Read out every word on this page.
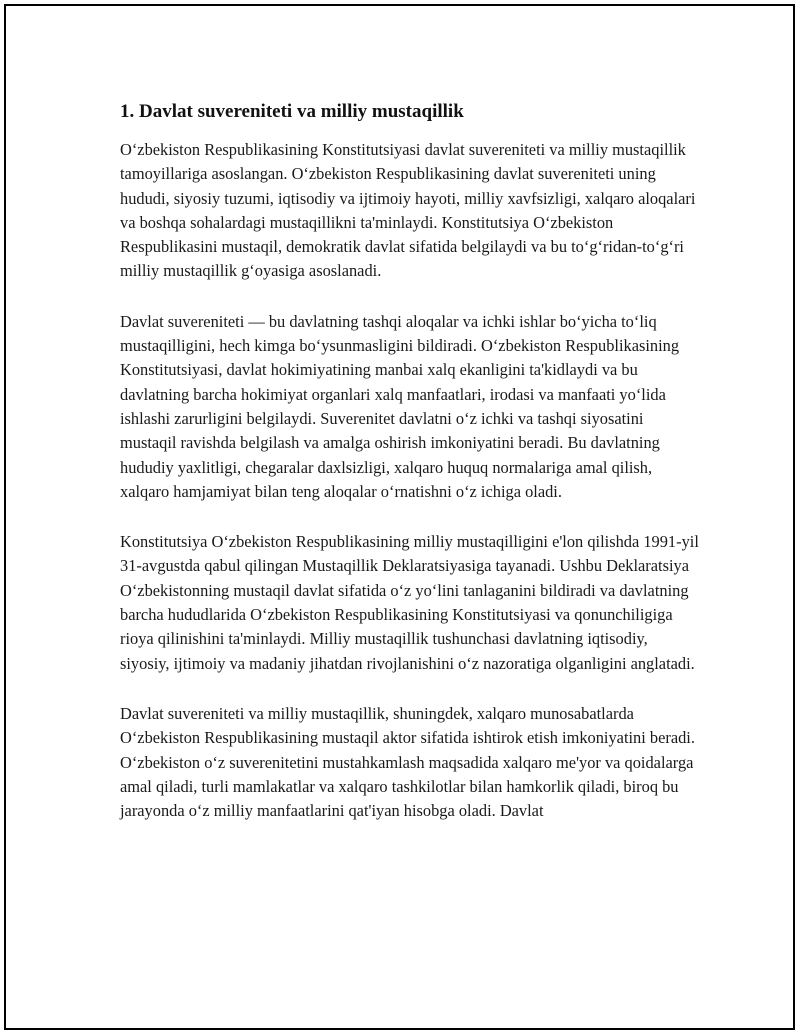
1. Davlat suvereniteti va milliy mustaqillik

O‘zbekiston Respublikasining Konstitutsiyasi davlat suvereniteti va milliy mustaqillik tamoyillariga asoslangan. O‘zbekiston Respublikasining davlat suvereniteti uning hududi, siyosiy tuzumi, iqtisodiy va ijtimoiy hayoti, milliy xavfsizligi, xalqaro aloqalari va boshqa sohalardagi mustaqillikni ta'minlaydi. Konstitutsiya O‘zbekiston Respublikasini mustaqil, demokratik davlat sifatida belgilaydi va bu to‘g‘ridan-to‘g‘ri milliy mustaqillik g‘oyasiga asoslanadi.

Davlat suvereniteti — bu davlatning tashqi aloqalar va ichki ishlar bo‘yicha to‘liq mustaqilligini, hech kimga bo‘ysunmasligini bildiradi. O‘zbekiston Respublikasining Konstitutsiyasi, davlat hokimiyatining manbai xalq ekanligini ta'kidlaydi va bu davlatning barcha hokimiyat organlari xalq manfaatlari, irodasi va manfaati yo‘lida ishlashi zarurligini belgilaydi. Suverenitet davlatni o‘z ichki va tashqi siyosatini mustaqil ravishda belgilash va amalga oshirish imkoniyatini beradi. Bu davlatning hududiy yaxlitligi, chegaralar daxlsizligi, xalqaro huquq normalariga amal qilish, xalqaro hamjamiyat bilan teng aloqalar o‘rnatishni o‘z ichiga oladi.

Konstitutsiya O‘zbekiston Respublikasining milliy mustaqilligini e'lon qilishda 1991-yil 31-avgustda qabul qilingan Mustaqillik Deklaratsiyasiga tayanadi. Ushbu Deklaratsiya O‘zbekistonning mustaqil davlat sifatida o‘z yo‘lini tanlaganini bildiradi va davlatning barcha hududlarida O‘zbekiston Respublikasining Konstitutsiyasi va qonunchiligiga rioya qilinishini ta'minlaydi. Milliy mustaqillik tushunchasi davlatning iqtisodiy, siyosiy, ijtimoiy va madaniy jihatdan rivojlanishini o‘z nazoratiga olganligini anglatadi.

Davlat suvereniteti va milliy mustaqillik, shuningdek, xalqaro munosabatlarda O‘zbekiston Respublikasining mustaqil aktor sifatida ishtirok etish imkoniyatini beradi. O‘zbekiston o‘z suverenitetini mustahkamlash maqsadida xalqaro me'yor va qoidalarga amal qiladi, turli mamlakatlar va xalqaro tashkilotlar bilan hamkorlik qiladi, biroq bu jarayonda o‘z milliy manfaatlarini qat'iyan hisobga oladi. Davlat
